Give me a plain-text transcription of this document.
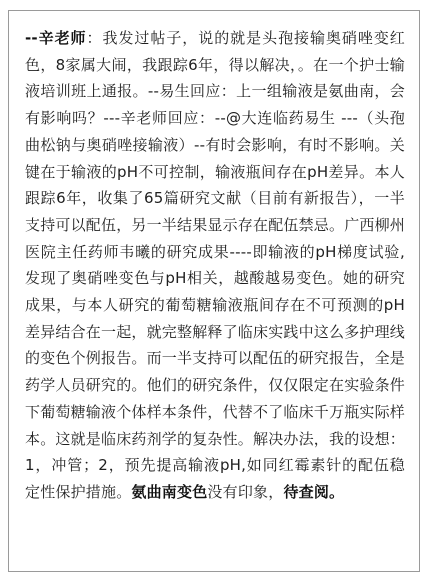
--辛老师：我发过帖子，说的就是头孢接输奥硝唑变红色，8家属大闹，我跟踪6年，得以解决，。在一个护士输液培训班上通报。--易生回应：上一组输液是氨曲南，会有影响吗？---辛老师回应：--@大连临药易生 ---（头孢曲松钠与奥硝唑接输液）--有时会影响，有时不影响。关键在于输液的pH不可控制，输液瓶间存在pH差异。本人跟踪6年，收集了65篇研究文献（目前有新报告），一半支持可以配伍，另一半结果显示存在配伍禁忌。广西柳州医院主任药师韦曦的研究成果----即输液的pH梯度试验,发现了奥硝唑变色与pH相关，越酸越易变色。她的研究成果，与本人研究的葡萄糖输液瓶间存在不可预测的pH差异结合在一起，就完整解释了临床实践中这么多护理线的变色个例报告。而一半支持可以配伍的研究报告，全是药学人员研究的。他们的研究条件，仅仅限定在实验条件下葡萄糖输液个体样本条件，代替不了临床千万瓶实际样本。这就是临床药剂学的复杂性。解决办法，我的设想：1，冲管；2，预先提高输液pH,如同红霉素针的配伍稳定性保护措施。氨曲南变色没有印象，待查阅。
